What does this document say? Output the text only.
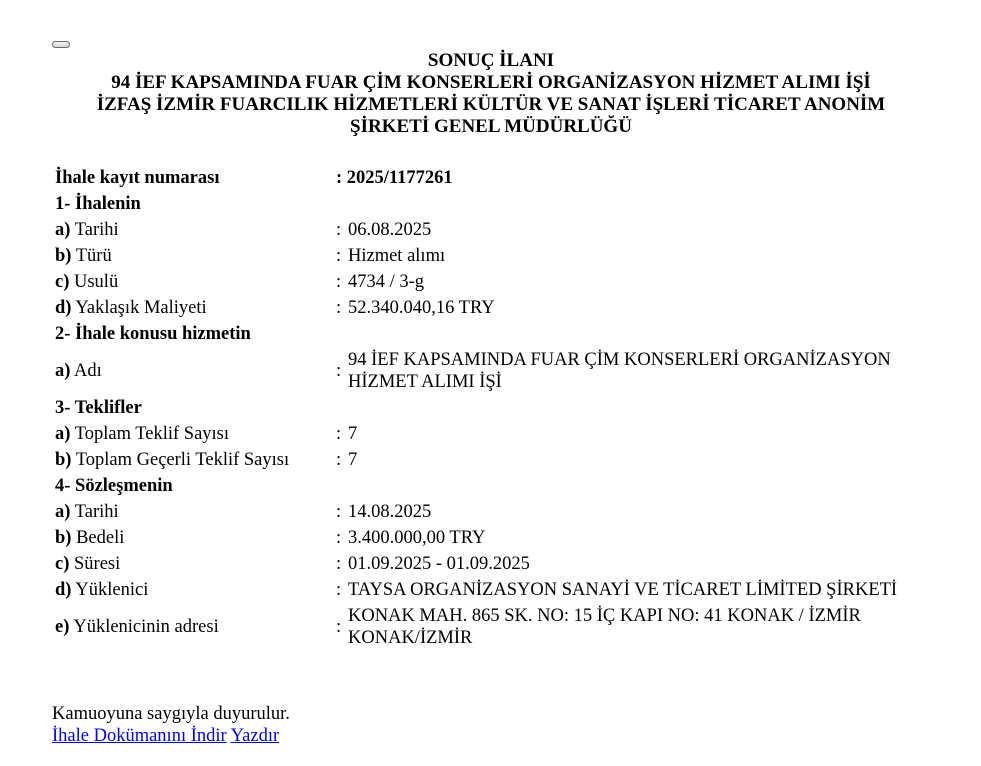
SONUÇ İLANI
94 İEF KAPSAMINDA FUAR ÇİM KONSERLERİ ORGANİZASYON HİZMET ALIMI İŞİ
İZFAŞ İZMİR FUARCILIK HİZMETLERİ KÜLTÜR VE SANAT İŞLERİ TİCARET ANONİM
ŞİRKETİ GENEL MÜDÜRLÜĞÜ
İhale kayıt numarası	: 2025/1177261	
1- İhalenin		
a) Tarihi	:	06.08.2025
b) Türü	:	Hizmet alımı
c) Usulü	:	4734 / 3-g
d) Yaklaşık Maliyeti	:	52.340.040,16 TRY
2- İhale konusu hizmetin		
a) Adı	:	94 İEF KAPSAMINDA FUAR ÇİM KONSERLERİ ORGANİZASYON HİZMET ALIMI İŞİ
3- Teklifler		
a) Toplam Teklif Sayısı	:	7
b) Toplam Geçerli Teklif Sayısı	:	7
4- Sözleşmenin		
a) Tarihi	:	14.08.2025
b) Bedeli	:	3.400.000,00 TRY
c) Süresi	:	01.09.2025 - 01.09.2025
d) Yüklenici	:	TAYSA ORGANİZASYON SANAYİ VE TİCARET LİMİTED ŞİRKETİ
e) Yüklenicinin adresi	:	KONAK MAH. 865 SK. NO: 15 İÇ KAPI NO: 41 KONAK / İZMİR KONAK/İZMİR
Kamuoyuna saygıyla duyurulur.
İhale Dokümanını İndir Yazdır
